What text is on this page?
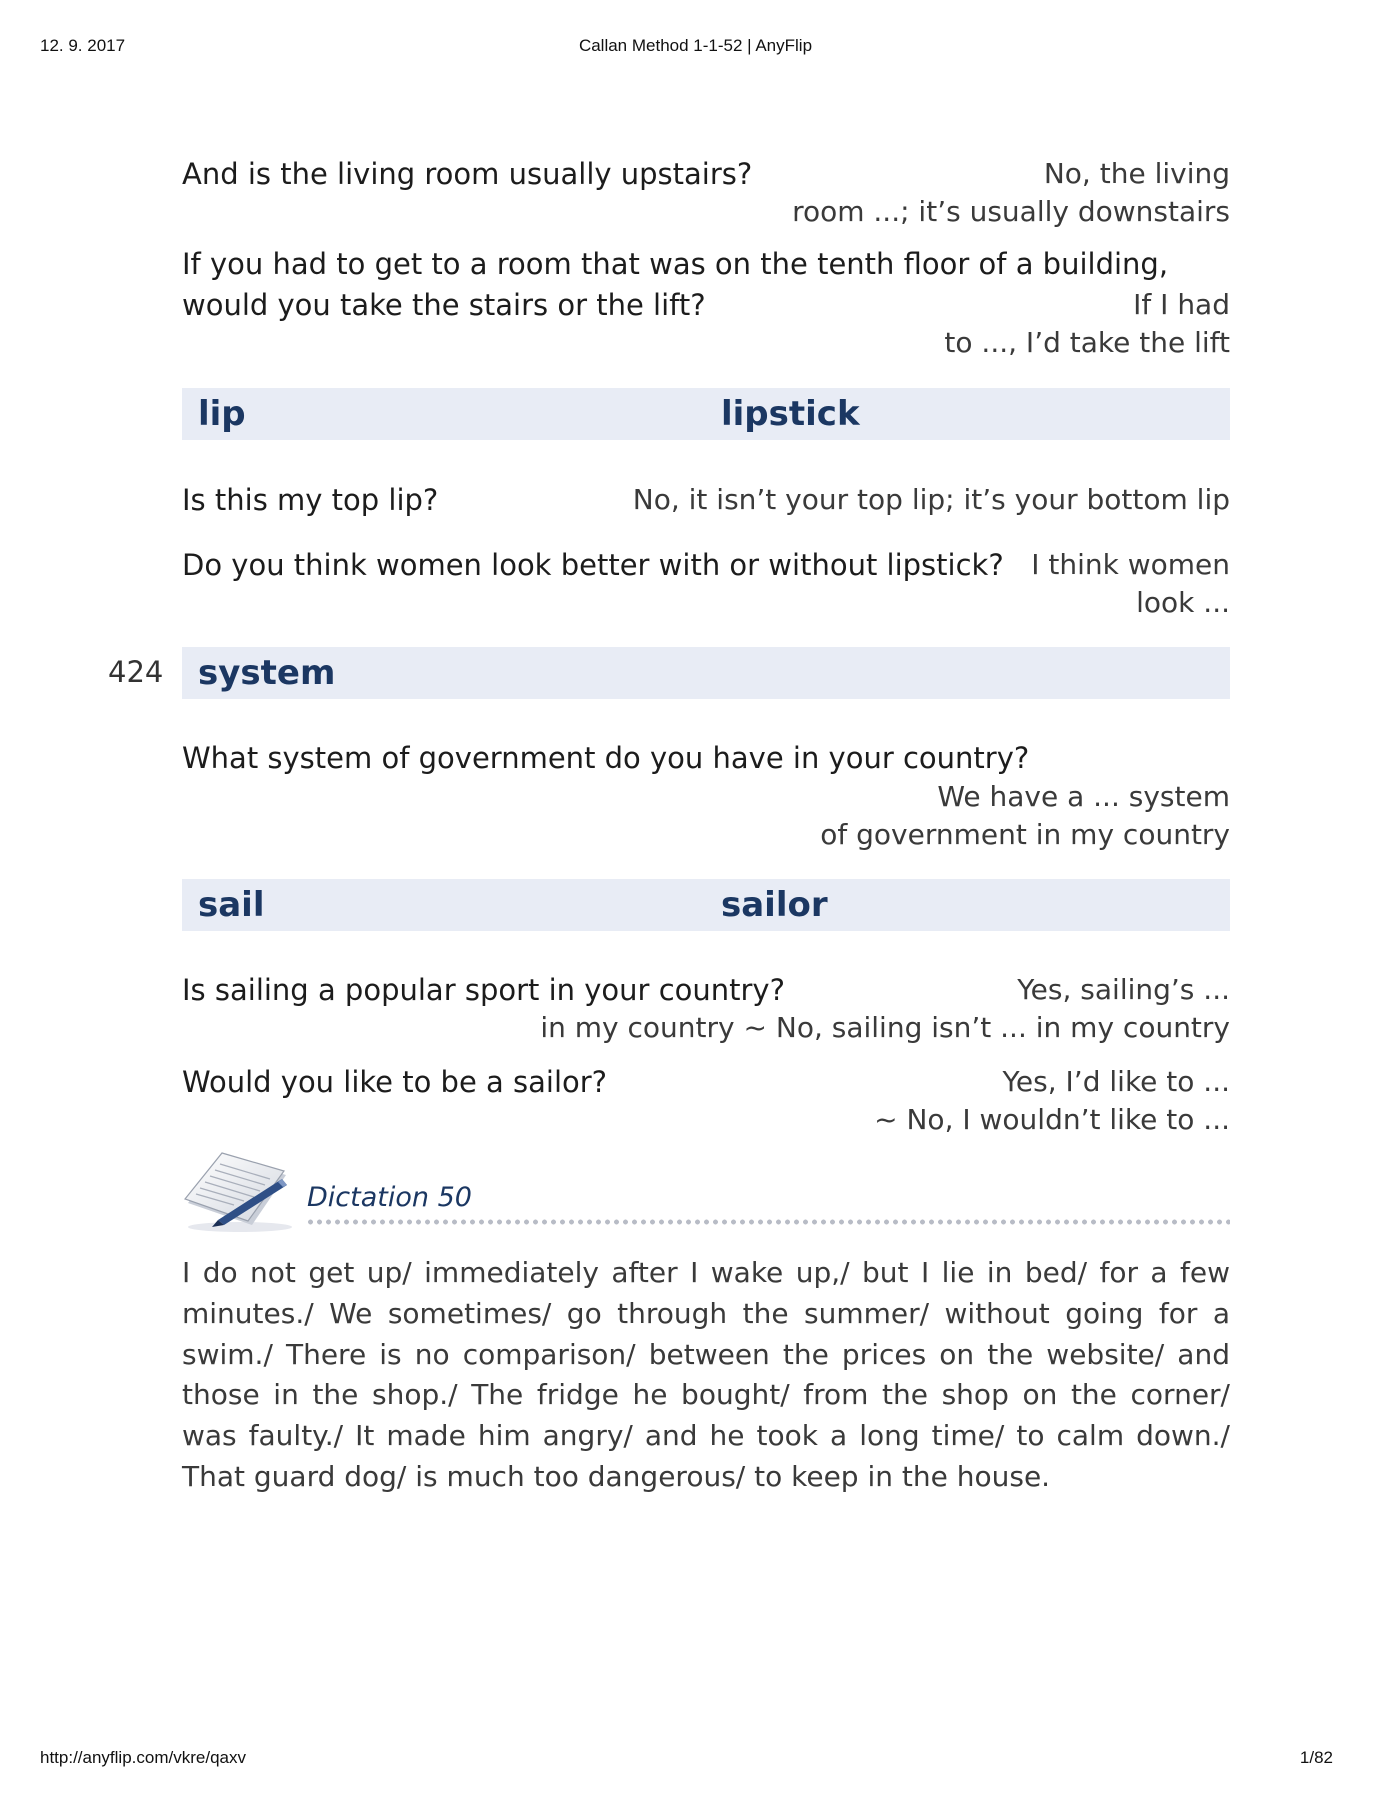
12. 9. 2017	Callan Method 1-1-52 | AnyFlip
And is the living room usually upstairs?	No, the living
room ...; it’s usually downstairs
If you had to get to a room that was on the tenth floor of a building,
would you take the stairs or the lift?	If I had
to ..., I’d take the lift
lip	lipstick
Is this my top lip?	No, it isn’t your top lip; it’s your bottom lip
Do you think women look better with or without lipstick? I think women
look ...
system
What system of government do you have in your country?
We have a ... system
of government in my country
sail	sailor
Is sailing a popular sport in your country?	Yes, sailing’s ...
in my country ~ No, sailing isn’t ... in my country
Would you like to be a sailor?	Yes, I’d like to ...
~ No, I wouldn’t like to ...
424
Dictation 50
I do not get up/ immediately after I wake up,/ but I lie in bed/ for a few minutes./ We sometimes/ go through the summer/ without going for a swim./ There is no comparison/ between the prices on the website/ and those in the shop./ The fridge he bought/ from the shop on the corner/ was faulty./ It made him angry/ and he took a long time/ to calm down./ That guard dog/ is much too dangerous/ to keep in the house.
http://anyflip.com/vkre/qaxv	1/82
